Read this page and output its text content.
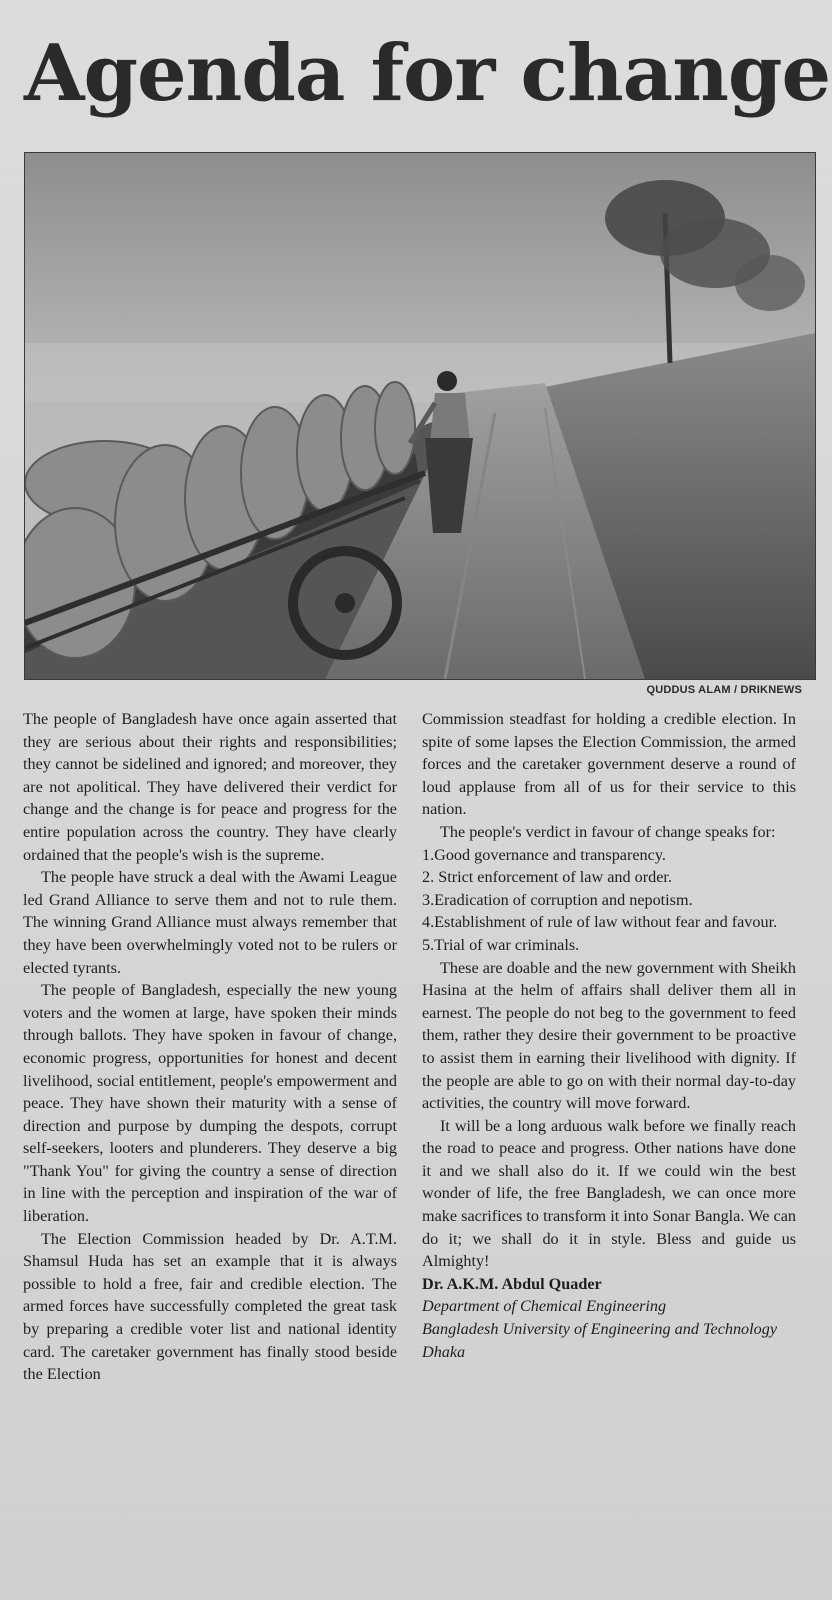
Agenda for change
QUDDUS ALAM / DRIKNEWS

The people of Bangladesh have once again asserted that they are serious about their rights and responsibilities; they cannot be sidelined and ignored; and moreover, they are not apolitical. They have delivered their verdict for change and the change is for peace and progress for the entire population across the country. They have clearly ordained that the people's wish is the supreme.

The people have struck a deal with the Awami League led Grand Alliance to serve them and not to rule them. The winning Grand Alliance must always remember that they have been overwhelmingly voted not to be rulers or elected tyrants.

The people of Bangladesh, especially the new young voters and the women at large, have spoken their minds through ballots. They have spoken in favour of change, economic progress, opportunities for honest and decent livelihood, social entitlement, people's empowerment and peace. They have shown their maturity with a sense of direction and purpose by dumping the despots, corrupt self-seekers, looters and plunderers. They deserve a big "Thank You" for giving the country a sense of direction in line with the perception and inspiration of the war of liberation.

The Election Commission headed by Dr. A.T.M. Shamsul Huda has set an example that it is always possible to hold a free, fair and credible election. The armed forces have successfully completed the great task by preparing a credible voter list and national identity card. The caretaker government has finally stood beside the Election

Commission steadfast for holding a credible election. In spite of some lapses the Election Commission, the armed forces and the caretaker government deserve a round of loud applause from all of us for their service to this nation.

The people's verdict in favour of change speaks for:

1.Good governance and transparency.
2. Strict enforcement of law and order.
3.Eradication of corruption and nepotism.
4.Establishment of rule of law without fear and favour.
5.Trial of war criminals.

These are doable and the new government with Sheikh Hasina at the helm of affairs shall deliver them all in earnest. The people do not beg to the government to feed them, rather they desire their government to be proactive to assist them in earning their livelihood with dignity. If the people are able to go on with their normal day-to-day activities, the country will move forward.

It will be a long arduous walk before we finally reach the road to peace and progress. Other nations have done it and we shall also do it. If we could win the best wonder of life, the free Bangladesh, we can once more make sacrifices to transform it into Sonar Bangla. We can do it; we shall do it in style. Bless and guide us Almighty!

Dr. A.K.M. Abdul Quader
Department of Chemical Engineering
Bangladesh University of Engineering and Technology
Dhaka
